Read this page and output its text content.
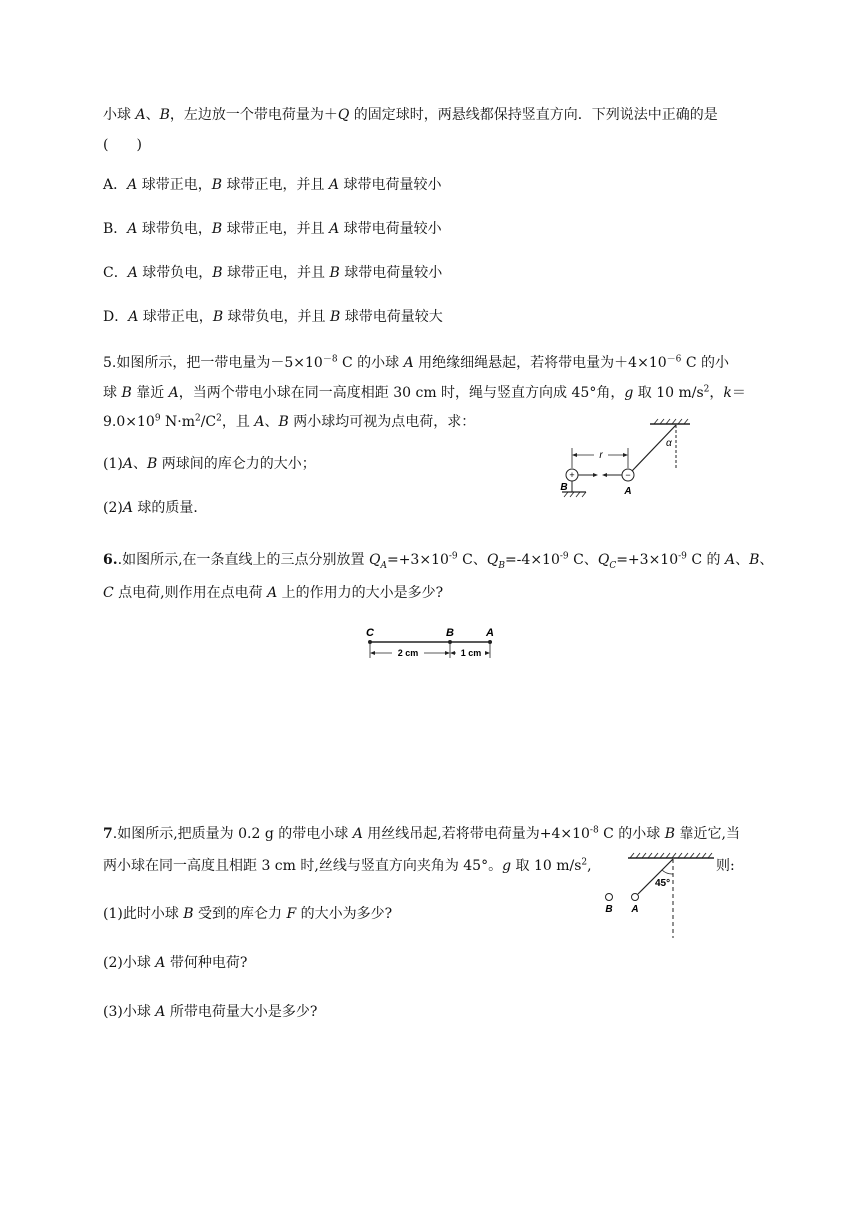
小球 A、B，左边放一个带电荷量为＋Q 的固定球时，两悬线都保持竖直方向．下列说法中正确的是
(　　)
A．A 球带正电，B 球带正电，并且 A 球带电荷量较小
B．A 球带负电，B 球带正电，并且 A 球带电荷量较小
C．A 球带负电，B 球带正电，并且 B 球带电荷量较小
D．A 球带正电，B 球带负电，并且 B 球带电荷量较大
5.如图所示，把一带电量为$-5\times 10^{-8}$ C 的小球 A 用绝缘细绳悬起，若将带电量为$+4\times 10^{-6}$ C 的小
球 B 靠近 A，当两个带电小球在同一高度相距 30 cm 时，绳与竖直方向成 45°角，g 取 10 $m/s^2$，k＝
$9.0\times 10^9$ $N\cdot m^2/C^2$，且 A、B 两小球均可视为点电荷，求：
(1)A、B 两球间的库仑力的大小；
(2)A 球的质量．
α
−
A
+
B
r
6..如图所示,在一条直线上的三点分别放置 $Q_A=+3\times 10^{-9}$ C、$Q_B=-4\times 10^{-9}$ C、$Q_C=+3\times 10^{-9}$ C 的 A、B、
C 点电荷,则作用在点电荷 A 上的作用力的大小是多少?
C	B	A
2 cm	1 cm
7.如图所示,把质量为 0.2 g 的带电小球 A 用丝线吊起,若将带电荷量为$+4\times 10^{-8}$ C 的小球 B 靠近它,当
两小球在同一高度且相距 3 cm 时,丝线与竖直方向夹角为 45°。g 取 10 $m/s^2$,	则:
(1)此时小球 B 受到的库仑力 F 的大小为多少?
(2)小球 A 带何种电荷?
(3)小球 A 所带电荷量大小是多少?
45°
B A
